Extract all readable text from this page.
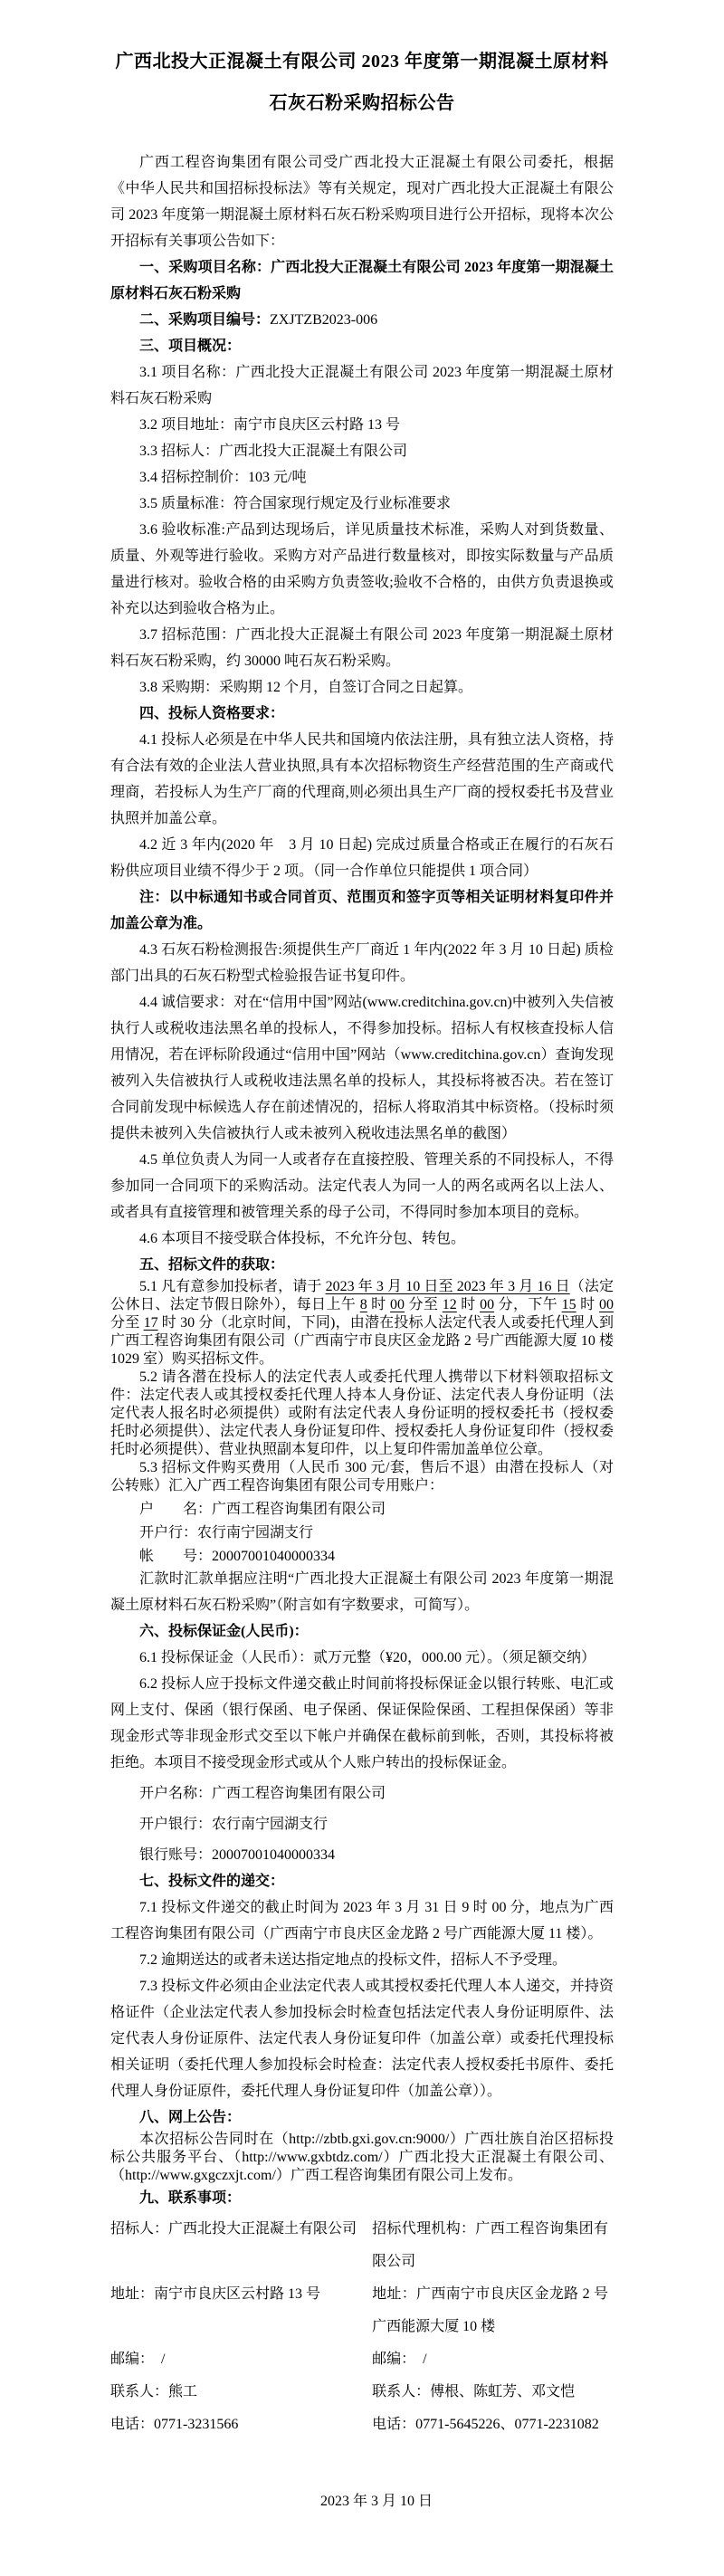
广西北投大正混凝土有限公司 2023 年度第一期混凝土原材料石灰石粉采购招标公告

广西工程咨询集团有限公司受广西北投大正混凝土有限公司委托，根据《中华人民共和国招标投标法》等有关规定，现对广西北投大正混凝土有限公司 2023 年度第一期混凝土原材料石灰石粉采购项目进行公开招标，现将本次公开招标有关事项公告如下：

一、采购项目名称：广西北投大正混凝土有限公司 2023 年度第一期混凝土原材料石灰石粉采购

二、采购项目编号：ZXJTZB2023-006

三、项目概况：

3.1 项目名称：广西北投大正混凝土有限公司 2023 年度第一期混凝土原材料石灰石粉采购

3.2 项目地址：南宁市良庆区云村路 13 号

3.3 招标人：广西北投大正混凝土有限公司

3.4 招标控制价：103 元/吨

3.5 质量标准：符合国家现行规定及行业标准要求

3.6 验收标准:产品到达现场后，详见质量技术标准，采购人对到货数量、质量、外观等进行验收。采购方对产品进行数量核对，即按实际数量与产品质量进行核对。验收合格的由采购方负责签收;验收不合格的，由供方负责退换或补充以达到验收合格为止。

3.7 招标范围：广西北投大正混凝土有限公司 2023 年度第一期混凝土原材料石灰石粉采购，约 30000 吨石灰石粉采购。

3.8 采购期：采购期 12 个月，自签订合同之日起算。

四、投标人资格要求：

4.1 投标人必须是在中华人民共和国境内依法注册，具有独立法人资格，持有合法有效的企业法人营业执照,具有本次招标物资生产经营范围的生产商或代理商，若投标人为生产厂商的代理商,则必须出具生产厂商的授权委托书及营业执照并加盖公章。

4.2 近 3 年内(2020 年　3 月 10 日起) 完成过质量合格或正在履行的石灰石粉供应项目业绩不得少于 2 项。（同一合作单位只能提供 1 项合同）

注：以中标通知书或合同首页、范围页和签字页等相关证明材料复印件并加盖公章为准。

4.3 石灰石粉检测报告:须提供生产厂商近 1 年内(2022 年 3 月 10 日起) 质检部门出具的石灰石粉型式检验报告证书复印件。

4.4 诚信要求：对在“信用中国”网站(www.creditchina.gov.cn)中被列入失信被执行人或税收违法黑名单的投标人，不得参加投标。招标人有权核查投标人信用情况，若在评标阶段通过“信用中国”网站（www.creditchina.gov.cn）查询发现被列入失信被执行人或税收违法黑名单的投标人，其投标将被否决。若在签订合同前发现中标候选人存在前述情况的，招标人将取消其中标资格。（投标时须提供未被列入失信被执行人或未被列入税收违法黑名单的截图）

4.5 单位负责人为同一人或者存在直接控股、管理关系的不同投标人，不得参加同一合同项下的采购活动。法定代表人为同一人的两名或两名以上法人、或者具有直接管理和被管理关系的母子公司，不得同时参加本项目的竞标。

4.6 本项目不接受联合体投标，不允许分包、转包。

五、招标文件的获取：

5.1 凡有意参加投标者，请于 2023 年 3 月 10 日至 2023 年 3 月 16 日（法定公休日、法定节假日除外），每日上午 8 时 00 分至 12 时 00 分，下午 15 时 00 分至 17 时 30 分（北京时间，下同)，由潜在投标人法定代表人或委托代理人到广西工程咨询集团有限公司（广西南宁市良庆区金龙路 2 号广西能源大厦 10 楼 1029 室）购买招标文件。

5.2 请各潜在投标人的法定代表人或委托代理人携带以下材料领取招标文件：法定代表人或其授权委托代理人持本人身份证、法定代表人身份证明（法定代表人报名时必须提供）或附有法定代表人身份证明的授权委托书（授权委托时必须提供）、法定代表人身份证复印件、授权委托人身份证复印件（授权委托时必须提供）、营业执照副本复印件，以上复印件需加盖单位公章。

5.3 招标文件购买费用（人民币 300 元/套，售后不退）由潜在投标人（对公转账）汇入广西工程咨询集团有限公司专用账户：

户　　名：广西工程咨询集团有限公司

开户行：农行南宁园湖支行

帐　　号：20007001040000334

汇款时汇款单据应注明“广西北投大正混凝土有限公司 2023 年度第一期混凝土原材料石灰石粉采购”（附言如有字数要求，可简写）。

六、投标保证金(人民币)：

6.1 投标保证金（人民币）：贰万元整（¥20，000.00 元）。（须足额交纳）

6.2 投标人应于投标文件递交截止时间前将投标保证金以银行转账、电汇或网上支付、保函（银行保函、电子保函、保证保险保函、工程担保保函）等非现金形式等非现金形式交至以下帐户并确保在截标前到帐，否则，其投标将被拒绝。本项目不接受现金形式或从个人账户转出的投标保证金。

开户名称：广西工程咨询集团有限公司

开户银行：农行南宁园湖支行

银行账号：20007001040000334

七、投标文件的递交：

7.1 投标文件递交的截止时间为 2023 年 3 月 31 日 9 时 00 分，地点为广西工程咨询集团有限公司（广西南宁市良庆区金龙路 2 号广西能源大厦 11 楼）。

7.2 逾期送达的或者未送达指定地点的投标文件，招标人不予受理。

7.3 投标文件必须由企业法定代表人或其授权委托代理人本人递交，并持资格证件（企业法定代表人参加投标会时检查包括法定代表人身份证明原件、法定代表人身份证原件、法定代表人身份证复印件（加盖公章）或委托代理投标相关证明（委托代理人参加投标会时检查：法定代表人授权委托书原件、委托代理人身份证原件，委托代理人身份证复印件（加盖公章））。

八、网上公告：

本次招标公告同时在（http://zbtb.gxi.gov.cn:9000/）广西壮族自治区招标投标公共服务平台、（http://www.gxbtdz.com/）广西北投大正混凝土有限公司、（http://www.gxgczxjt.com/）广西工程咨询集团有限公司上发布。

九、联系事项：

招标人：广西北投大正混凝土有限公司	招标代理机构：广西工程咨询集团有限公司
地址：南宁市良庆区云村路 13 号	地址：广西南宁市良庆区金龙路 2 号广西能源大厦 10 楼
邮编：　/	邮编：　/
联系人：熊工	联系人：傅根、陈虹芳、邓文恺
电话：0771-3231566	电话：0771-5645226、0771-2231082

2023 年 3 月 10 日
